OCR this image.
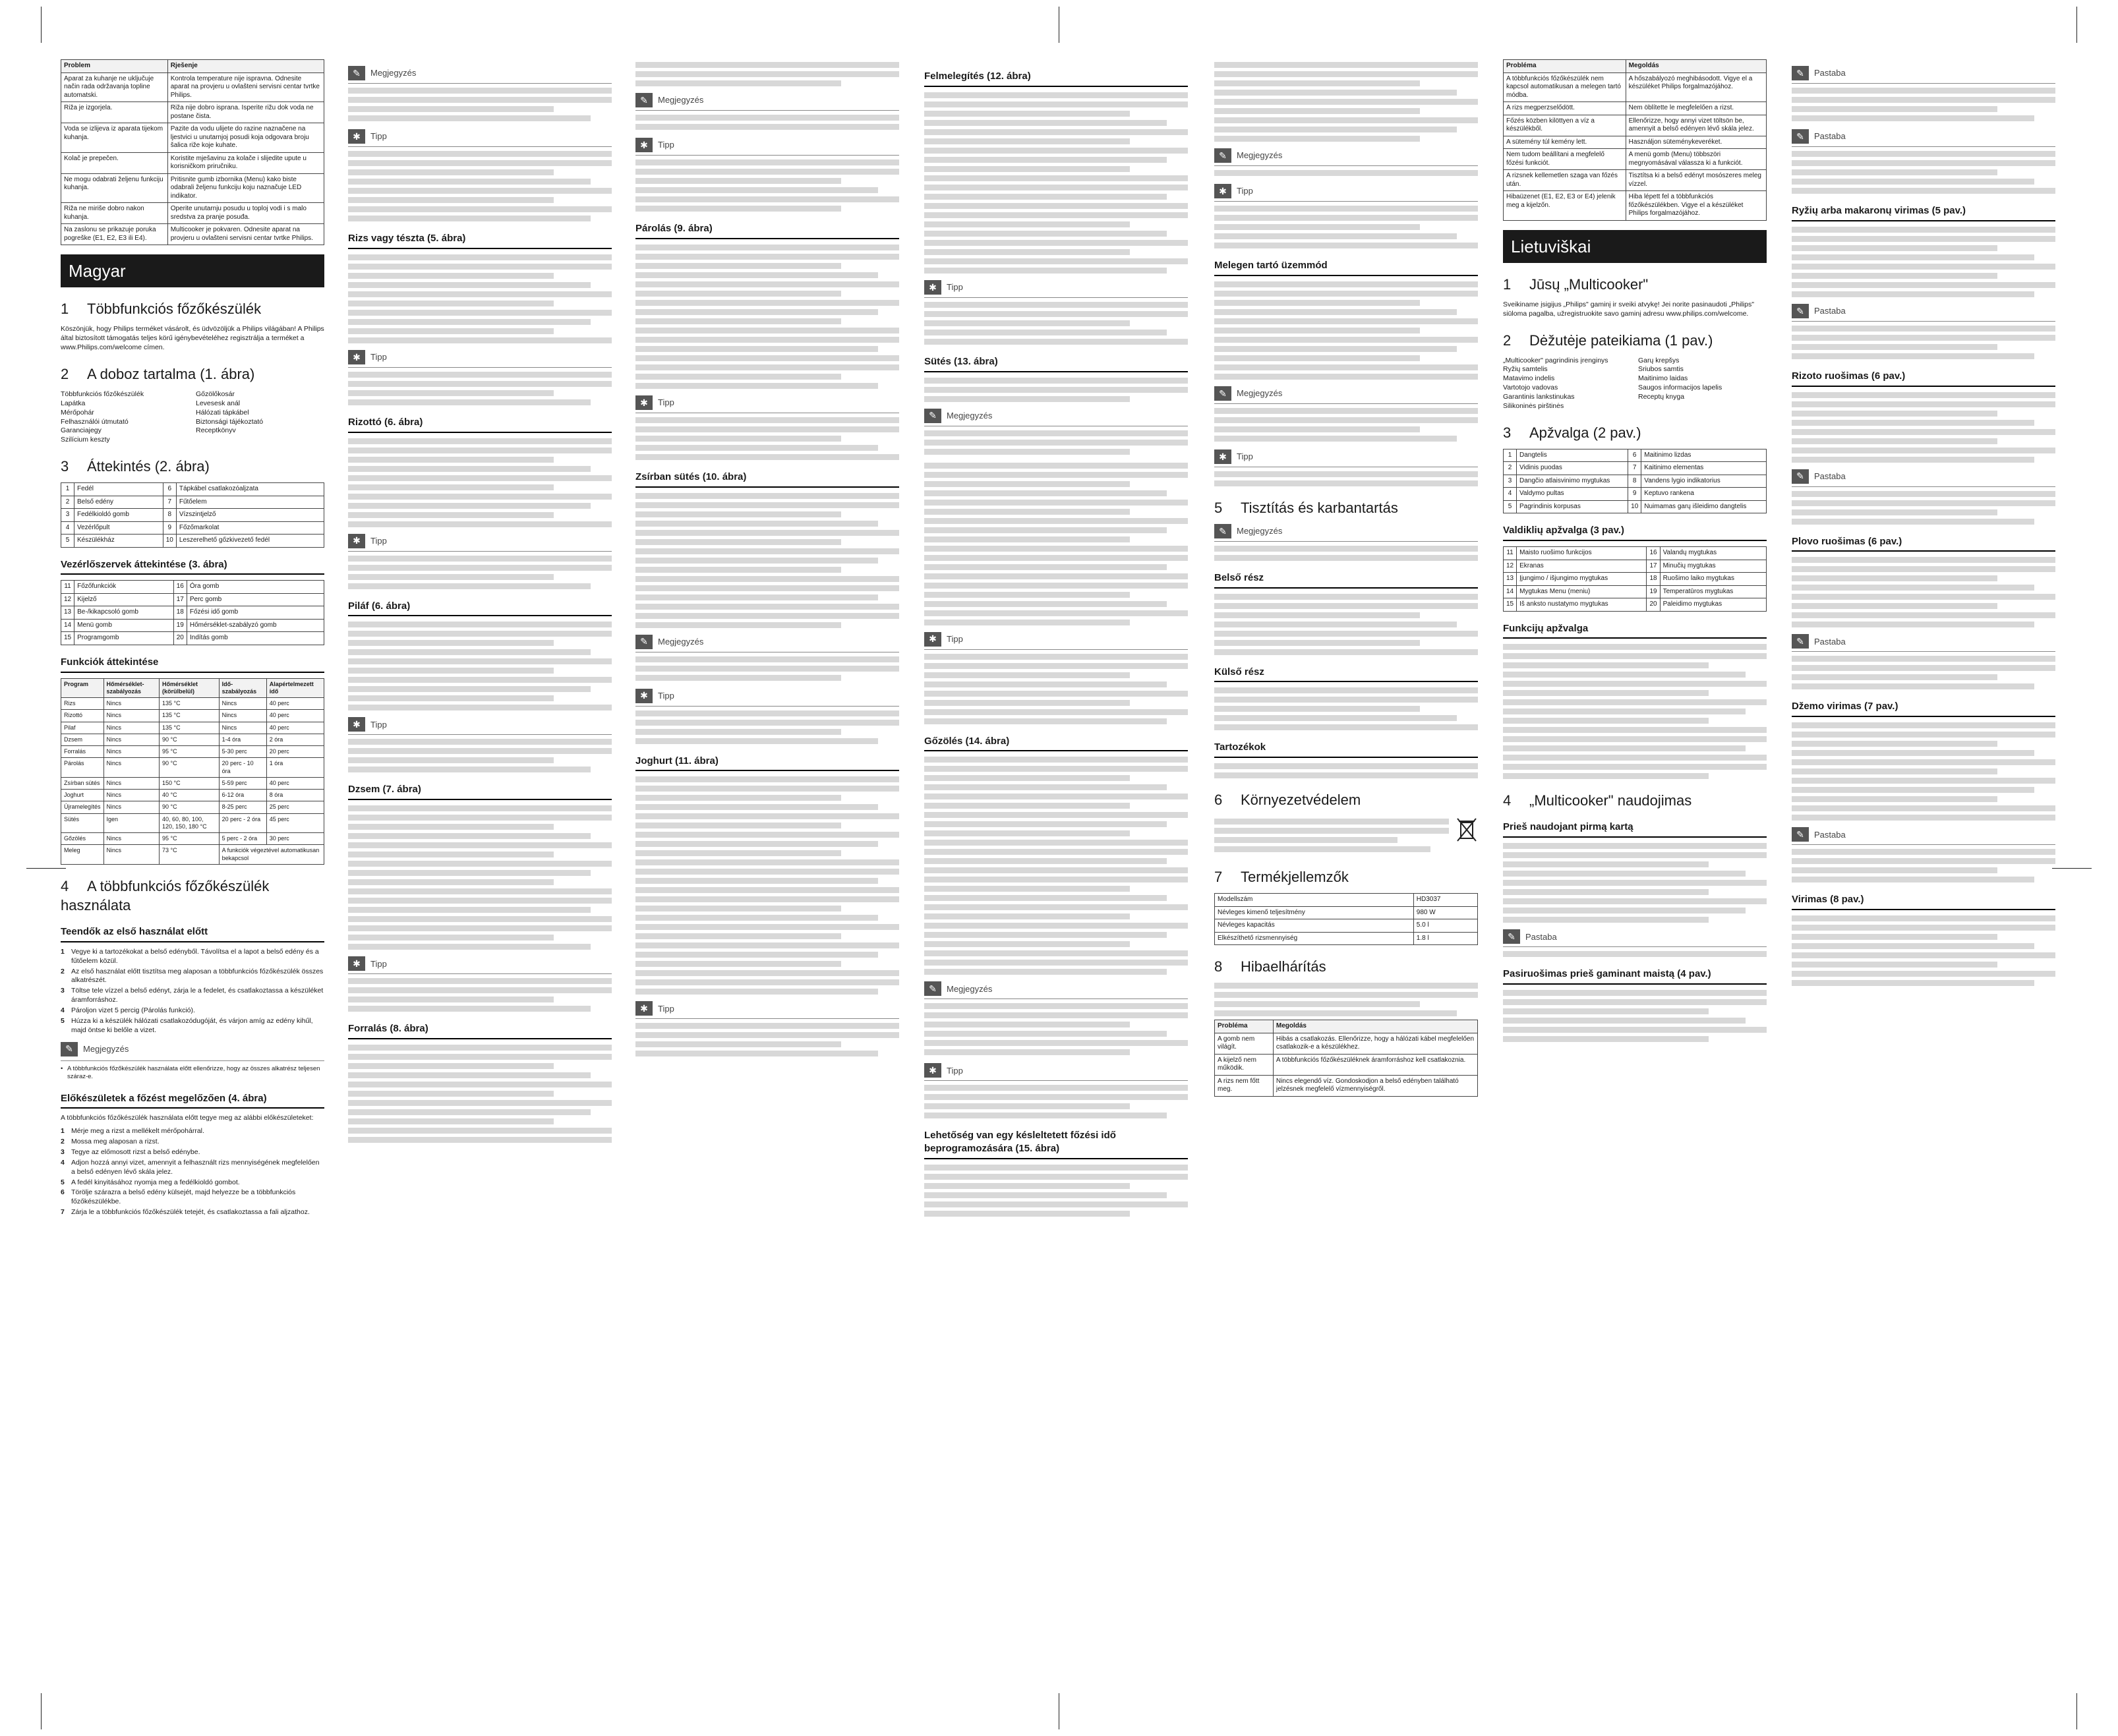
Problem	Rješenje
Aparat za kuhanje ne uključuje način rada održavanja topline automatski.	Kontrola temperature nije ispravna. Odnesite aparat na provjeru u ovlašteni servisni centar tvrtke Philips.
Riža je izgorjela.	Riža nije dobro isprana. Isperite rižu dok voda ne postane čista.
Voda se izlijeva iz aparata tijekom kuhanja.	Pazite da vodu ulijete do razine naznačene na ljestvici u unutarnjoj posudi koja odgovara broju šalica riže koje kuhate.
Kolač je prepečen.	Koristite mješavinu za kolače i slijedite upute u korisničkom priručniku.
Ne mogu odabrati željenu funkciju kuhanja.	Pritisnite gumb izbornika (Menu) kako biste odabrali željenu funkciju koju naznačuje LED indikator.
Riža ne miriše dobro nakon kuhanja.	Operite unutarnju posudu u toploj vodi i s malo sredstva za pranje posuđa.
Na zaslonu se prikazuje poruka pogreške (E1, E2, E3 ili E4).	Multicooker je pokvaren. Odnesite aparat na provjeru u ovlašteni servisni centar tvrtke Philips.
Magyar
1 Többfunkciós főzőkészülék

Köszönjük, hogy Philips terméket vásárolt, és üdvözöljük a Philips világában! A Philips által biztosított támogatás teljes körű igénybevételéhez regisztrálja a terméket a www.Philips.com/welcome címen.

2 A doboz tartalma (1. ábra)
Többfunkciós főzőkészülék
Lapátka
Mérőpohár
Felhasználói útmutató
Garanciajegy
Szilícium keszty
Gőzölőkosár
Levesesk anál
Hálózati tápkábel
Biztonsági tájékoztató
Receptkönyv
3 Áttekintés (2. ábra)
1	Fedél	6	Tápkábel csatlakozóaljzata
2	Belső edény	7	Fűtőelem
3	Fedélkioldó gomb	8	Vízszintjelző
4	Vezérlőpult	9	Főzőmarkolat
5	Készülékház	10	Leszerelhető gőzkivezető fedél
Vezérlőszervek áttekintése (3. ábra)
11	Főzőfunkciók	16	Óra gomb
12	Kijelző	17	Perc gomb
13	Be-/kikapcsoló gomb	18	Főzési idő gomb
14	Menü gomb	19	Hőmérséklet-szabályzó gomb
15	Programgomb	20	Indítás gomb
Funkciók áttekintése
Program	Hőmérséklet-szabályozás	Hőmérséklet (körülbelül)	Idő-szabályozás	Alapértelmezett idő
Rizs	Nincs	135 °C	Nincs	40 perc
Rizottó	Nincs	135 °C	Nincs	40 perc
Pilaf	Nincs	135 °C	Nincs	40 perc
Dzsem	Nincs	90 °C	1-4 óra	2 óra
Forralás	Nincs	95 °C	5-30 perc	20 perc
Párolás	Nincs	90 °C	20 perc - 10 óra	1 óra
Zsírban sütés	Nincs	150 °C	5-59 perc	40 perc
Joghurt	Nincs	40 °C	6-12 óra	8 óra
Újramelegítés	Nincs	90 °C	8-25 perc	25 perc
Sütés	Igen	40, 60, 80, 100, 120, 150, 180 °C	20 perc - 2 óra	45 perc
Gőzölés	Nincs	95 °C	5 perc - 2 óra	30 perc
Meleg	Nincs	73 °C	A funkciók végeztével automatikusan bekapcsol	
4 A többfunkciós főzőkészülék használata
Teendők az első használat előtt
1 Vegye ki a tartozékokat a belső edényből. Távolítsa el a lapot a belső edény és a fűtőelem közül.
2 Az első használat előtt tisztítsa meg alaposan a többfunkciós főzőkészülék összes alkatrészét.
3 Töltse tele vízzel a belső edényt, zárja le a fedelet, és csatlakoztassa a készüléket áramforráshoz.
4 Pároljon vizet 5 percig (Párolás funkció).
5 Húzza ki a készülék hálózati csatlakozódugóját, és várjon amíg az edény kihűl, majd öntse ki belőle a vizet.
✎	Megjegyzés
• A többfunkciós főzőkészülék használata előtt ellenőrizze, hogy az összes alkatrész teljesen száraz-e.
Előkészületek a főzést megelőzően (4. ábra)

A többfunkciós főzőkészülék használata előtt tegye meg az alábbi előkészületeket:

1 Mérje meg a rizst a mellékelt mérőpohárral.
2 Mossa meg alaposan a rizst.
3 Tegye az előmosott rizst a belső edénybe.
4 Adjon hozzá annyi vizet, amennyit a felhasznált rizs mennyiségének megfelelően a belső edényen lévő skála jelez.
5 A fedél kinyitásához nyomja meg a fedélkioldó gombot.
6 Törölje szárazra a belső edény külsejét, majd helyezze be a többfunkciós főzőkészülékbe.
7 Zárja le a többfunkciós főzőkészülék tetejét, és csatlakoztassa a fali aljzathoz.
✎	Megjegyzés
✱	Tipp
Rizs vagy tészta (5. ábra)
✱	Tipp
Rizottó (6. ábra)
✱	Tipp
Piláf (6. ábra)
✱	Tipp
Dzsem (7. ábra)
✱	Tipp
Forralás (8. ábra)
✎	Megjegyzés
✱	Tipp
Párolás (9. ábra)
✱	Tipp
Zsírban sütés (10. ábra)
✎	Megjegyzés
✱	Tipp
Joghurt (11. ábra)
✱	Tipp
Felmelegítés (12. ábra)
✱	Tipp
Sütés (13. ábra)
✎	Megjegyzés
✱	Tipp
Gőzölés (14. ábra)
✎	Megjegyzés
✱	Tipp
Lehetőség van egy késleltetett főzési idő beprogramozására (15. ábra)
✎	Megjegyzés
✱	Tipp
Melegen tartó üzemmód
✎	Megjegyzés
✱	Tipp
5 Tisztítás és karbantartás
✎	Megjegyzés
Belső rész
Külső rész
Tartozékok
6 Környezetvédelem
7 Termékjellemzők
Modellszám	HD3037
Névleges kimenő teljesítmény	980 W
Névleges kapacitás	5.0 l
Elkészíthető rizsmennyiség	1.8 l
8 Hibaelhárítás
Probléma	Megoldás
A gomb nem világít.	Hibás a csatlakozás. Ellenőrizze, hogy a hálózati kábel megfelelően csatlakozik-e a készülékhez.
A kijelző nem működik.	A többfunkciós főzőkészüléknek áramforráshoz kell csatlakoznia.
A rizs nem főtt meg.	Nincs elegendő víz. Gondoskodjon a belső edényben található jelzésnek megfelelő vízmennyiségről.
Probléma	Megoldás
A többfunkciós főzőkészülék nem kapcsol automatikusan a melegen tartó módba.	A hőszabályozó meghibásodott. Vigye el a készüléket Philips forgalmazójához.
A rizs megperzselődött.	Nem öblítette le megfelelően a rizst.
Főzés közben kilöttyen a víz a készülékből.	Ellenőrizze, hogy annyi vizet töltsön be, amennyit a belső edényen lévő skála jelez.
A sütemény túl kemény lett.	Használjon süteménykeveréket.
Nem tudom beállítani a megfelelő főzési funkciót.	A menü gomb (Menu) többszöri megnyomásával válassza ki a funkciót.
A rizsnek kellemetlen szaga van főzés után.	Tisztítsa ki a belső edényt mosószeres meleg vízzel.
Hibaüzenet (E1, E2, E3 or E4) jelenik meg a kijelzőn.	Hiba lépett fel a többfunkciós főzőkészülékben. Vigye el a készüléket Philips forgalmazójához.
Lietuviškai
1 Jūsų „Multicooker"

Sveikiname įsigijus „Philips" gaminį ir sveiki atvykę! Jei norite pasinaudoti „Philips" siūloma pagalba, užregistruokite savo gaminį adresu www.philips.com/welcome.

2 Dėžutėje pateikiama (1 pav.)
„Multicooker" pagrindinis įrenginys
Ryžių samtelis
Matavimo indelis
Vartotojo vadovas
Garantinis lankstinukas
Silikoninės pirštinės
Garų krepšys
Sriubos samtis
Maitinimo laidas
Saugos informacijos lapelis
Receptų knyga
3 Apžvalga (2 pav.)
1	Dangtelis	6	Maitinimo lizdas
2	Vidinis puodas	7	Kaitinimo elementas
3	Dangčio atlaisvinimo mygtukas	8	Vandens lygio indikatorius
4	Valdymo pultas	9	Keptuvo rankena
5	Pagrindinis korpusas	10	Nuimamas garų išleidimo dangtelis
Valdiklių apžvalga (3 pav.)
11	Maisto ruošimo funkcijos	16	Valandų mygtukas
12	Ekranas	17	Minučių mygtukas
13	Įjungimo / išjungimo mygtukas	18	Ruošimo laiko mygtukas
14	Mygtukas Menu (meniu)	19	Temperatūros mygtukas
15	Iš anksto nustatymo mygtukas	20	Paleidimo mygtukas
Funkcijų apžvalga
4 „Multicooker" naudojimas
Prieš naudojant pirmą kartą
✎	Pastaba
Pasiruošimas prieš gaminant maistą (4 pav.)
✎	Pastaba
✎	Pastaba
Ryžių arba makaronų virimas (5 pav.)
✎	Pastaba
Rizoto ruošimas (6 pav.)
✎	Pastaba
Plovo ruošimas (6 pav.)
✎	Pastaba
Džemo virimas (7 pav.)
✎	Pastaba
Virimas (8 pav.)
